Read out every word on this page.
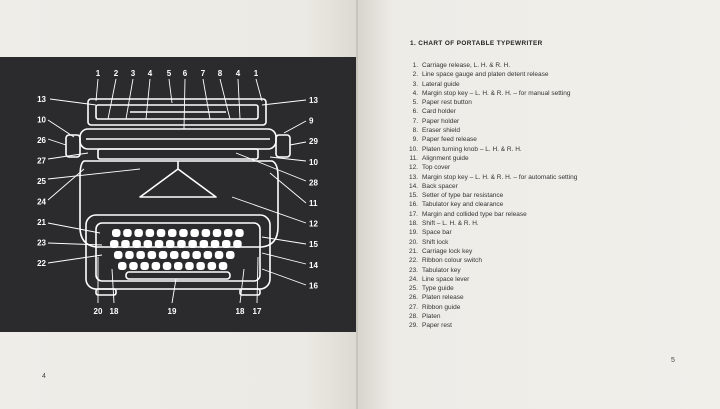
1 2 3 4 5 6 7 8 4 1
13
10
26
27
25
24
21
23
22
13
9
29
10
28
11
12
15
14
16
20 18	19	18 17
4
1. CHART OF PORTABLE TYPEWRITER
1. Carriage release, L. H. & R. H.
2. Line space gauge and platen detent release
3. Lateral guide
4. Margin stop key – L. H. & R. H. – for manual setting
5. Paper rest button
6. Card holder
7. Paper holder
8. Eraser shield
9. Paper feed release
10. Platen turning knob – L. H. & R. H.
11. Alignment guide
12. Top cover
13. Margin stop key – L. H. & R. H. – for automatic setting
14. Back spacer
15. Setter of type bar resistance
16. Tabulator key and clearance
17. Margin and collided type bar release
18. Shift – L. H. & R. H.
19. Space bar
20. Shift lock
21. Carriage lock key
22. Ribbon colour switch
23. Tabulator key
24. Line space lever
25. Type guide
26. Platen release
27. Ribbon guide
28. Platen
29. Paper rest
5
